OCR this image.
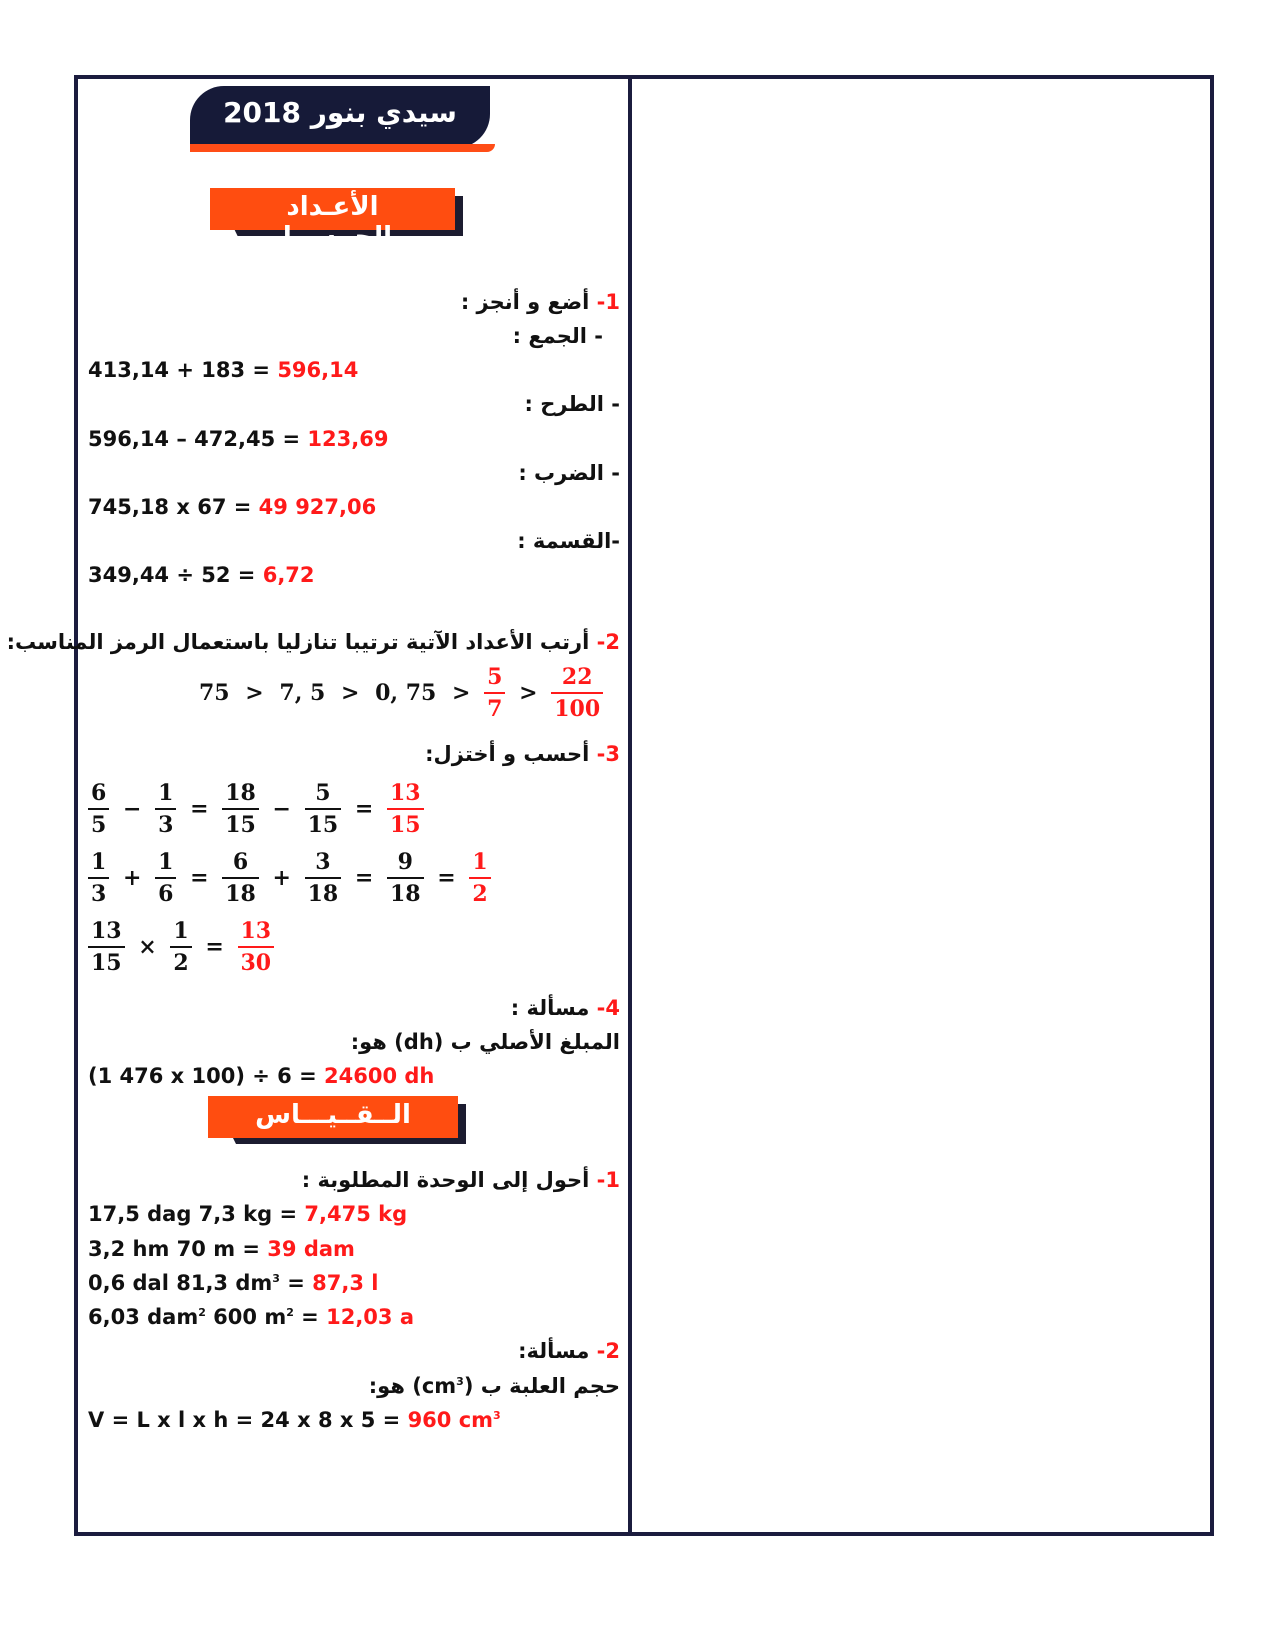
سيدي بنور 2018
الأعـداد والحــســاب
1- أضع و أنجز :
- الجمع :
413,14 + 183 = 596,14
- الطرح :
596,14 – 472,45 = 123,69
- الضرب :
745,18 x 67 = 49 927,06
-القسمة :
349,44 ÷ 52 = 6,72
2- أرتب الأعداد الآتية ترتيبا تنازليا باستعمال الرمز المناسب:
75 > 7, 5 > 0, $75 > \frac{5}{7} > \frac{22}{100}$
3- أحسب و أختزل:
$\frac{6}{5} - \frac{1}{3} = \frac{18}{15} - \frac{5}{15} = \frac{13}{15}$
$\frac{1}{3} + \frac{1}{6} = \frac{6}{18} + \frac{3}{18} = \frac{9}{18} = \frac{1}{2}$
$\frac{13}{15} \times \frac{1}{2} = \frac{13}{30}$
4- مسألة :
المبلغ الأصلي ب (dh) هو:
(1 476 x 100) ÷ 6 = 24600 dh
الــقــيـــاس
1- أحول إلى الوحدة المطلوبة :
17,5 dag 7,3 kg = 7,475 kg
3,2 hm 70 m = 39 dam
0,6 dal 81,3 $dm^3 = 87,3$ l
6,03 dam$^2$ 600 $m^2 = 12,03$ a
2- مسألة:
حجم العلبة ب $(cm^3)$ هو:
V = L x l x h = 24 x 8 x 5 = 960 $cm^3$
